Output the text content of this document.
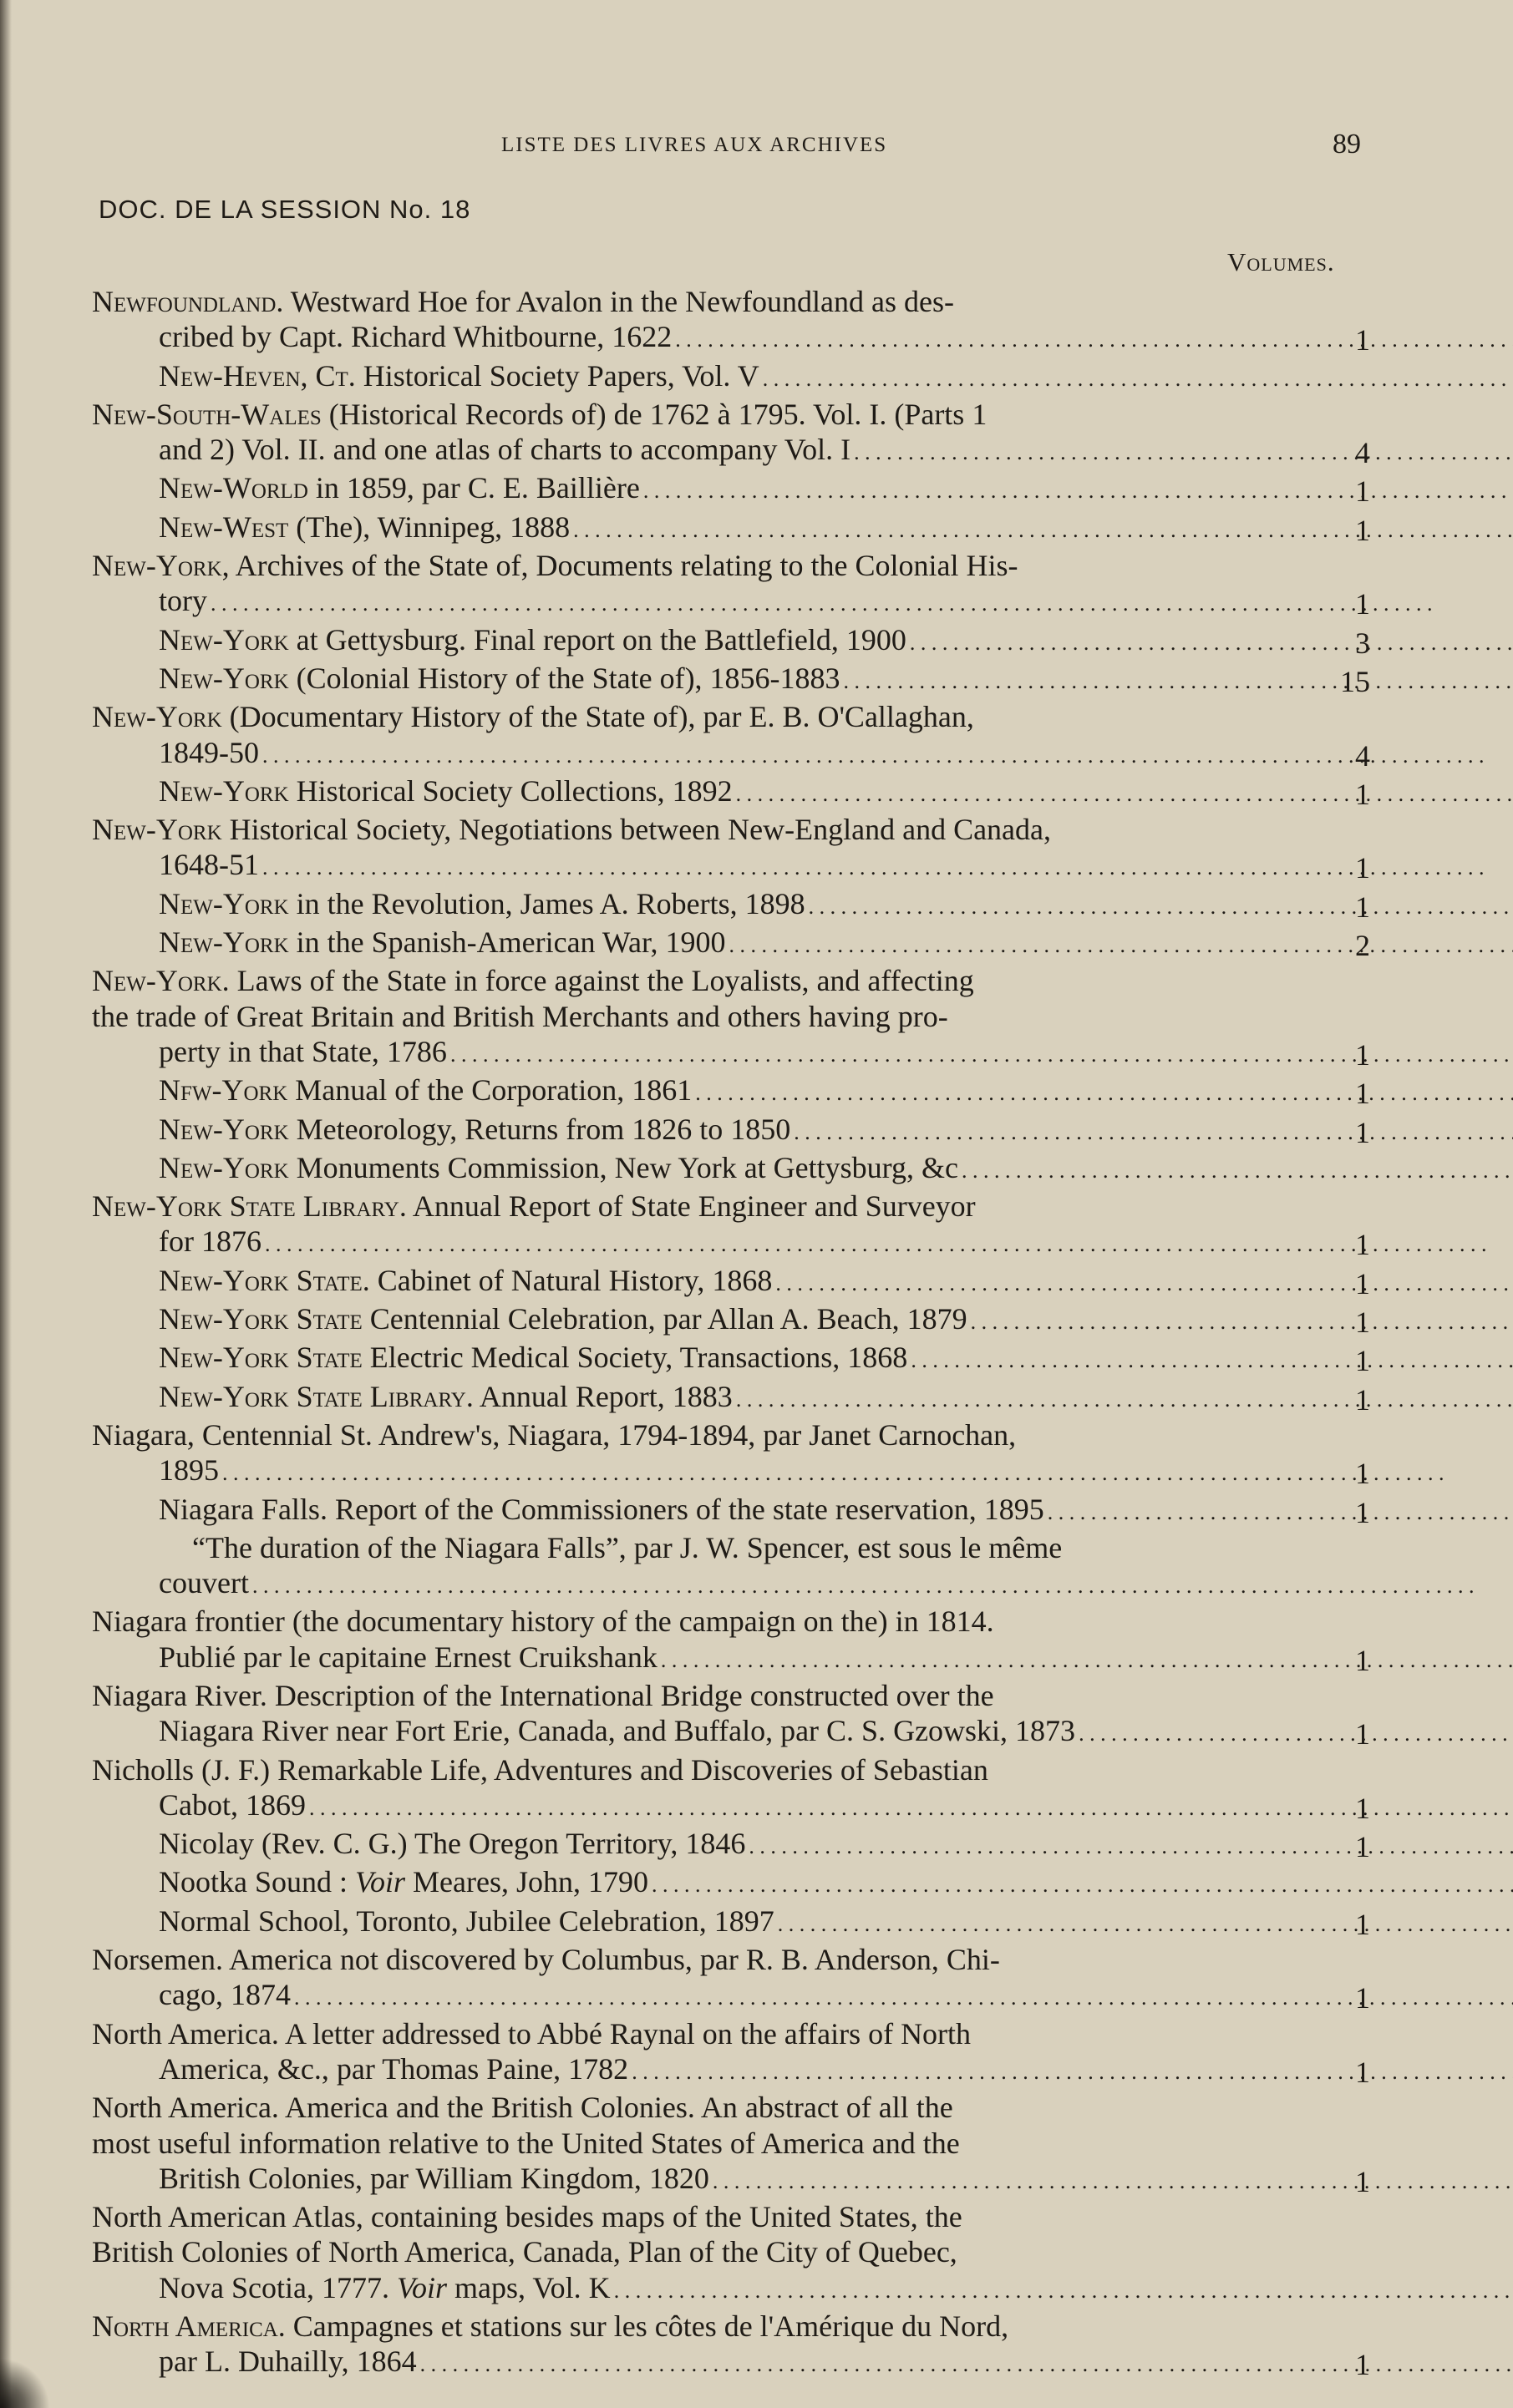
LISTE DES LIVRES AUX ARCHIVES	89
DOC. DE LA SESSION No. 18
Volumes.
Newfoundland. Westward Hoe for Avalon in the Newfoundland as des-
cribed by Capt. Richard Whitbourne, 1622 . . .	1
New-Heven, Ct. Historical Society Papers, Vol. V . . .
New-South-Wales (Historical Records of) de 1762 à 1795. Vol. I. (Parts 1
and 2) Vol. II. and one atlas of charts to accompany Vol. I . . .	4
New-World in 1859, par C. E. Baillière . . .	1
New-West (The), Winnipeg, 1888 . . .	1
New-York, Archives of the State of, Documents relating to the Colonial His-
tory . . .	1
New-York at Gettysburg. Final report on the Battlefield, 1900 . . .	3
New-York (Colonial History of the State of), 1856-1883 . . .	15
New-York (Documentary History of the State of), par E. B. O'Callaghan,
1849-50 . . .	4
New-York Historical Society Collections, 1892 . . .	1
New-York Historical Society, Negotiations between New-England and Canada,
1648-51 . . .	1
New-York in the Revolution, James A. Roberts, 1898 . . .	1
New-York in the Spanish-American War, 1900 . . .	2
New-York. Laws of the State in force against the Loyalists, and affecting
the trade of Great Britain and British Merchants and others having pro-
perty in that State, 1786 . . .	1
Nfw-York Manual of the Corporation, 1861 . . .	1
New-York Meteorology, Returns from 1826 to 1850 . . .	1
New-York Monuments Commission, New York at Gettysburg, &c . . .
New-York State Library. Annual Report of State Engineer and Surveyor
for 1876 . . .	1
New-York State. Cabinet of Natural History, 1868 . . .	1
New-York State Centennial Celebration, par Allan A. Beach, 1879 . . .	1
New-York State Electric Medical Society, Transactions, 1868 . . .	1
New-York State Library. Annual Report, 1883 . . .	1
Niagara, Centennial St. Andrew's, Niagara, 1794-1894, par Janet Carnochan,
1895 . . .	1
Niagara Falls. Report of the Commissioners of the state reservation, 1895 . . .	1
“The duration of the Niagara Falls”, par J. W. Spencer, est sous le même
couvert . . .
Niagara frontier (the documentary history of the campaign on the) in 1814.
Publié par le capitaine Ernest Cruikshank . . .	1
Niagara River. Description of the International Bridge constructed over the
Niagara River near Fort Erie, Canada, and Buffalo, par C. S. Gzowski, 1873 . . .	1
Nicholls (J. F.) Remarkable Life, Adventures and Discoveries of Sebastian
Cabot, 1869 . . .	1
Nicolay (Rev. C. G.) The Oregon Territory, 1846 . . .	1
Nootka Sound : Voir Meares, John, 1790 . . .
Normal School, Toronto, Jubilee Celebration, 1897 . . .	1
Norsemen. America not discovered by Columbus, par R. B. Anderson, Chi-
cago, 1874 . . .	1
North America. A letter addressed to Abbé Raynal on the affairs of North
America, &c., par Thomas Paine, 1782 . . .	1
North America. America and the British Colonies. An abstract of all the
most useful information relative to the United States of America and the
British Colonies, par William Kingdom, 1820 . . .	1
North American Atlas, containing besides maps of the United States, the
British Colonies of North America, Canada, Plan of the City of Quebec,
Nova Scotia, 1777. Voir maps, Vol. K . . .
North America. Campagnes et stations sur les côtes de l'Amérique du Nord,
par L. Duhailly, 1864 . . .	1
